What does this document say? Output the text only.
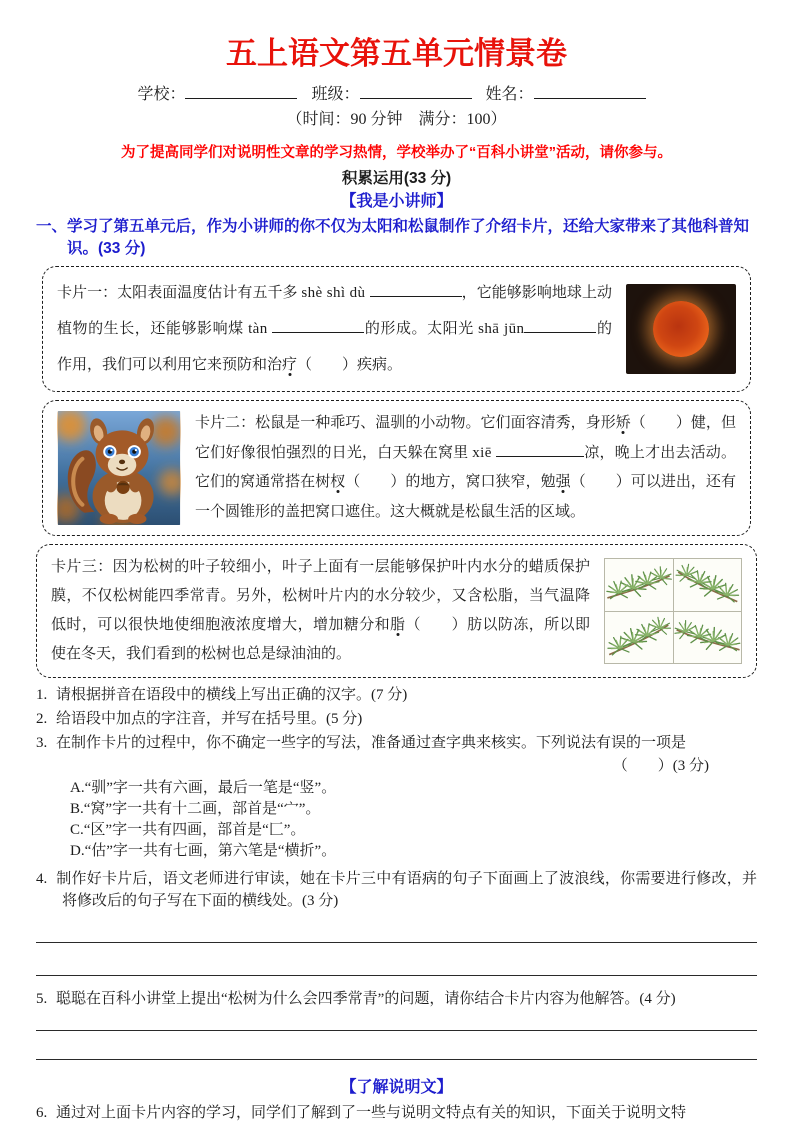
五上语文第五单元情景卷
学校：	班级：	姓名：
（时间：90 分钟　满分：100）
为了提高同学们对说明性文章的学习热情，学校举办了“百科小讲堂”活动，请你参与。
积累运用(33 分)
【我是小讲师】
一、学习了第五单元后，作为小讲师的你不仅为太阳和松鼠制作了介绍卡片，还给大家带来了其他科普知识。(33 分)
卡片一：太阳表面温度估计有五千多 shè shì dù	，它能够影响地球上动植物的生长，还能够影响煤 tàn	的形成。太阳光 shā jūn	的作用，我们可以利用它来预防和治疗（　　）疾病。
卡片二：松鼠是一种乖巧、温驯的小动物。它们面容清秀，身形矫（　　）健，但它们好像很怕强烈的日光，白天躲在窝里 xiē	凉，晚上才出去活动。它们的窝通常搭在树杈（　　）的地方，窝口狭窄，勉强（　　）可以进出，还有一个圆锥形的盖把窝口遮住。这大概就是松鼠生活的区域。
卡片三：因为松树的叶子较细小，叶子上面有一层能够保护叶内水分的蜡质保护膜，不仅松树能四季常青。另外，松树叶片内的水分较少，又含松脂，当气温降低时，可以很快地使细胞液浓度增大，增加糖分和脂（　　）肪以防冻，所以即使在冬天，我们看到的松树也总是绿油油的。
1. 请根据拼音在语段中的横线上写出正确的汉字。(7 分)
2. 给语段中加点的字注音，并写在括号里。(5 分)
3. 在制作卡片的过程中，你不确定一些字的写法，准备通过查字典来核实。下列说法有误的一项是
（　　）(3 分)
A.“驯”字一共有六画，最后一笔是“竖”。
B.“窝”字一共有十二画，部首是“宀”。
C.“区”字一共有四画，部首是“匚”。
D.“估”字一共有七画，第六笔是“横折”。
4. 制作好卡片后，语文老师进行审读，她在卡片三中有语病的句子下面画上了波浪线，你需要进行修改，并将修改后的句子写在下面的横线处。(3 分)
5. 聪聪在百科小讲堂上提出“松树为什么会四季常青”的问题，请你结合卡片内容为他解答。(4 分)
【了解说明文】
6. 通过对上面卡片内容的学习，同学们了解到了一些与说明文特点有关的知识，下面关于说明文特
